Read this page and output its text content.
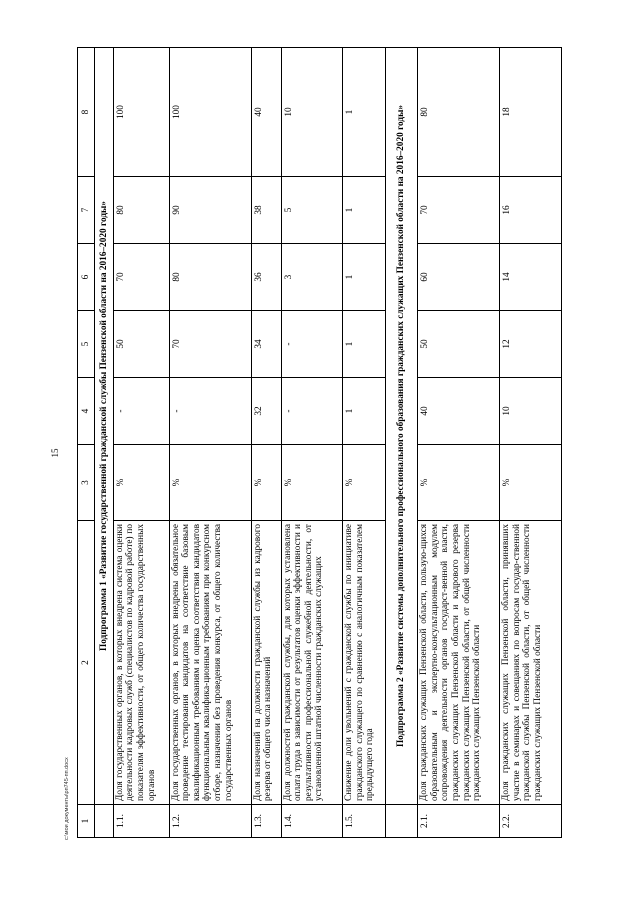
15
1	2	3	4	5	6	7	8
	Подпрограмма 1 «Развитие государственной гражданской службы Пензенской области на 2016–2020 годы»						
1.1.	Доля государственных органов, в которых внедрена система оценки деятельности кадровых служб (специалистов по кадровой работе) по показателям эффективности, от общего количества государственных органов	%	-	50	70	80	100
1.2.	Доля государственных органов, в которых внедрены обязательное проведение тестирования кандидатов на соответствие базовым квалификационным требованиям и оценка соответствия кандидатов функциональным квалифика-ционным требованиям при конкурсном отборе, назначении без проведения конкурса, от общего количества государственных органов	%	-	70	80	90	100
1.3.	Доля назначений на должности гражданской службы из кадрового резерва от общего числа назначений	%	32	34	36	38	40
1.4.	Доля должностей гражданской службы, для которых установлена оплата труда в зависимости от результатов оценки эффективности и результативности профессиональной служебной деятельности, от установленной штатной численности гражданских служащих	%	-	-	3	5	10
1.5.	Снижение доли увольнений с гражданской службы по инициативе гражданского служащего по сравнению с аналогичным показателем предыдущего года	%	1	1	1	1	1
	Подпрограмма 2 «Развитие системы дополнительного профессионального образования гражданских служащих Пензенской области на 2016–2020 годы»						
2.1.	Доля гражданских служащих Пензенской области, пользую-щихся образовательным и экспертно-консультационным модулем сопровождения деятельности органов государст-венной власти, гражданских служащих Пензенской области и кадрового резерва гражданских служащих Пензенской области, от общей численности гражданских служащих Пензенской области	%	40	50	60	70	80
2.2.	Доля гражданских служащих Пензенской области, принявших участие в семинарах и совещаниях по вопросам государ-ственной гражданской службы Пензенской области, от общей численности гражданских служащих Пензенской области	%	10	12	14	16	18
c:\мои документы\рп745-пп.docx
